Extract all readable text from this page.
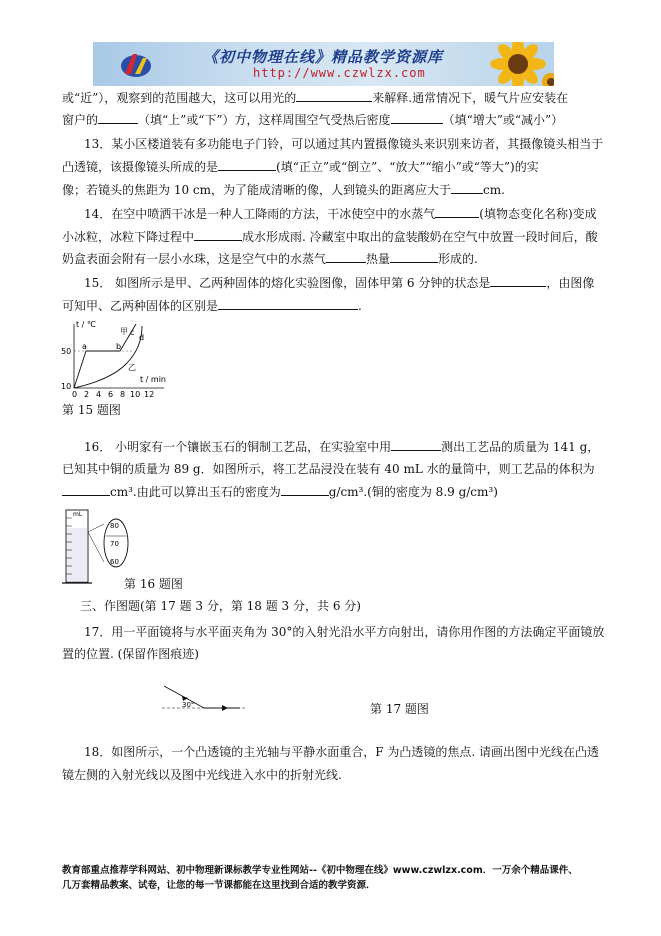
《初中物理在线》精品教学资源库
http://www.czwlzx.com
或“近”），观察到的范围越大，这可以用光的	来解释.通常情况下，暖气片应安装在
窗户的	（填“上”或“下”）方，这样周围空气受热后密度	（填“增大”或“减小”）
13．某小区楼道装有多功能电子门铃，可以通过其内置摄像镜头来识别来访者，其摄像镜头相当于
凸透镜，该摄像镜头所成的是	(填“正立”或“倒立”、“放大”“缩小”或“等大”)的实
像；若镜头的焦距为 10 cm，为了能成清晰的像，人到镜头的距离应大于	cm.
14．在空中喷洒干冰是一种人工降雨的方法，干冰使空中的水蒸气	(填物态变化名称)变成
小冰粒，冰粒下降过程中	成水形成雨. 冷藏室中取出的盒装酸奶在空气中放置一段时间后，酸
奶盒表面会附有一层小水珠，这是空气中的水蒸气	热量	形成的.
15． 如图所示是甲、乙两种固体的熔化实验图像，固体甲第 6 分钟的状态是	，由图像
可知甲、乙两种固体的区别是	.
t / ℃
t / min
50
10
0 2 4 6 8 10 12
a	b
c
d
甲
乙
第 15 题图
16． 小明家有一个镶嵌玉石的铜制工艺品，在实验室中用	测出工艺品的质量为 141 g，
已知其中铜的质量为 89 g．如图所示，将工艺品浸没在装有 40 mL 水的量筒中，则工艺品的体积为
cm³.由此可以算出玉石的密度为	g/cm³.(铜的密度为 8.9 g/cm³)
mL
80
70
60
第 16 题图
三、作图题(第 17 题 3 分，第 18 题 3 分，共 6 分)
17．用一平面镜将与水平面夹角为 30°的入射光沿水平方向射出，请你用作图的方法确定平面镜放
置的位置. (保留作图痕迹)
30°	第 17 题图
18．如图所示，一个凸透镜的主光轴与平静水面重合，F 为凸透镜的焦点. 请画出图中光线在凸透
镜左侧的入射光线以及图中光线进入水中的折射光线.
教育部重点推荐学科网站、初中物理新课标教学专业性网站--《初中物理在线》www.czwlzx.com．一万余个精品课件、
几万套精品教案、试卷，让您的每一节课都能在这里找到合适的教学资源．
